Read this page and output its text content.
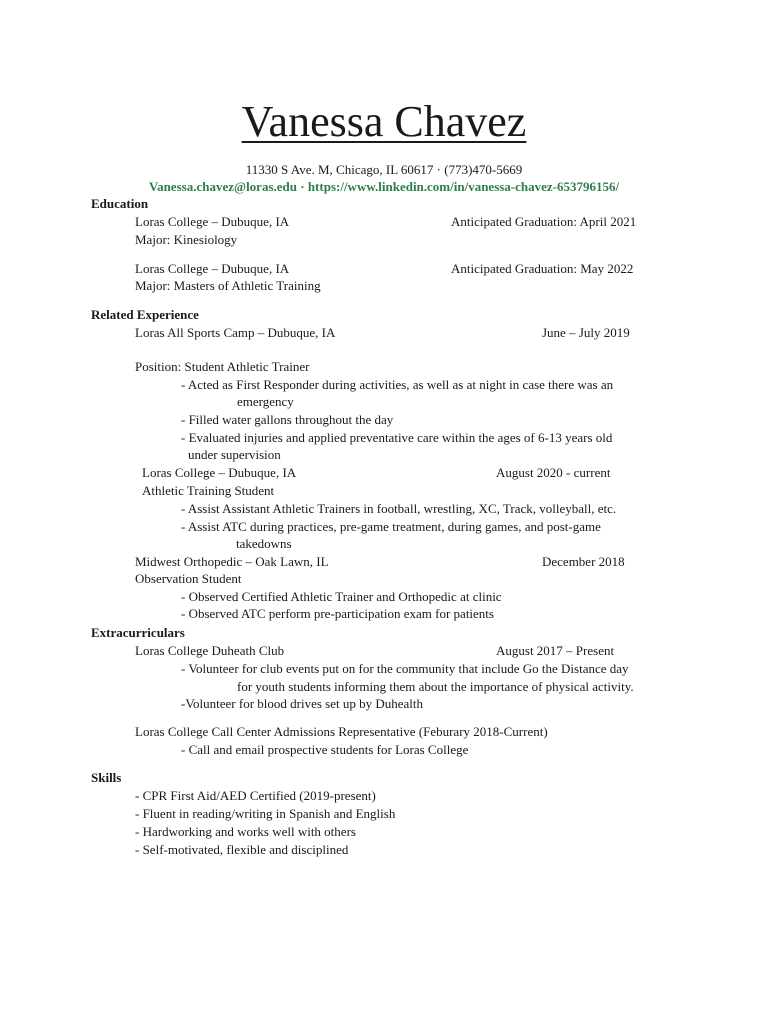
Vanessa Chavez
11330 S Ave. M, Chicago, IL 60617 · (773)470-5669
Vanessa.chavez@loras.edu · https://www.linkedin.com/in/vanessa-chavez-653796156/
Education
Loras College – Dubuque, IA	Anticipated Graduation: April 2021
Major: Kinesiology
Loras College – Dubuque, IA	Anticipated Graduation: May 2022
Major: Masters of Athletic Training
Related Experience
Loras All Sports Camp – Dubuque, IA	June – July 2019
Position: Student Athletic Trainer
- Acted as First Responder during activities, as well as at night in case there was an
emergency
- Filled water gallons throughout the day
- Evaluated injuries and applied preventative care within the ages of 6-13 years old
under supervision
Loras College – Dubuque, IA	August 2020 - current
Athletic Training Student
- Assist Assistant Athletic Trainers in football, wrestling, XC, Track, volleyball, etc.
- Assist ATC during practices, pre-game treatment, during games, and post-game
takedowns
Midwest Orthopedic – Oak Lawn, IL	December 2018
Observation Student
- Observed Certified Athletic Trainer and Orthopedic at clinic
- Observed ATC perform pre-participation exam for patients
Extracurriculars
Loras College Duheath Club	August 2017 – Present
- Volunteer for club events put on for the community that include Go the Distance day
for youth students informing them about the importance of physical activity.
-Volunteer for blood drives set up by Duhealth
Loras College Call Center Admissions Representative (Feburary 2018-Current)
- Call and email prospective students for Loras College
Skills
- CPR First Aid/AED Certified (2019-present)
- Fluent in reading/writing in Spanish and English
- Hardworking and works well with others
- Self-motivated, flexible and disciplined
